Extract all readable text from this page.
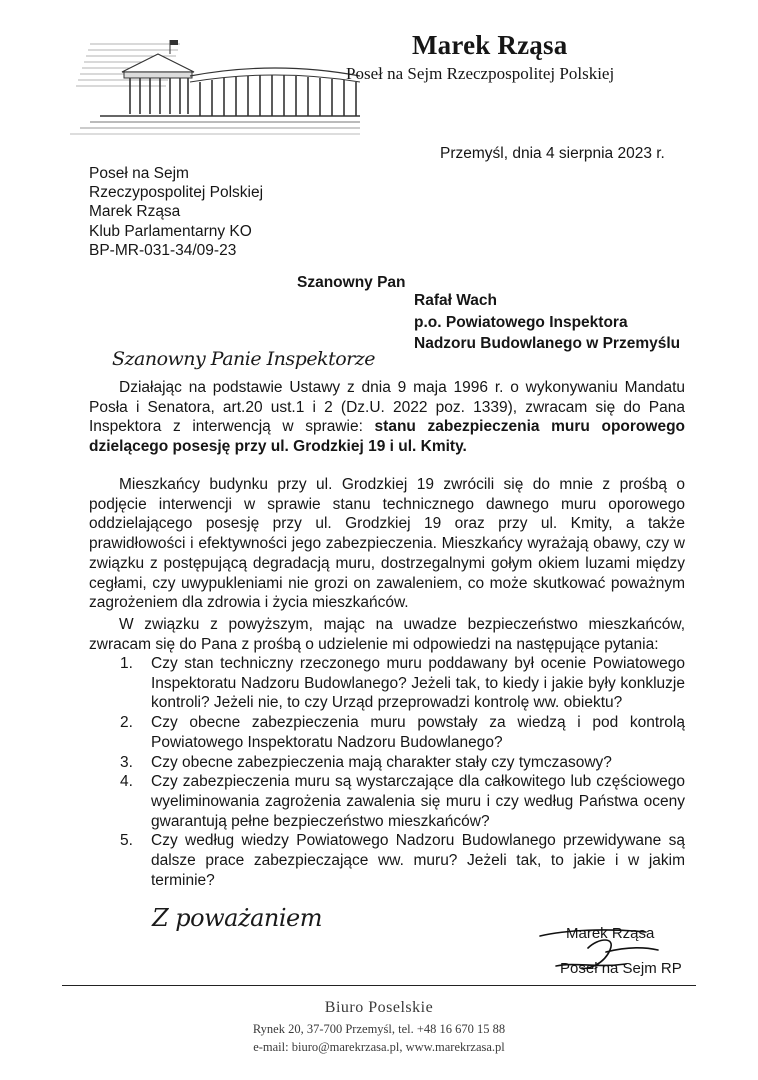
Marek Rząsa
Poseł na Sejm Rzeczpospolitej Polskiej
Przemyśl, dnia 4 sierpnia 2023 r.
Poseł na Sejm
Rzeczypospolitej Polskiej
Marek Rząsa
Klub Parlamentarny KO
BP-MR-031-34/09-23
Szanowny Pan
Rafał Wach
p.o. Powiatowego Inspektora
Nadzoru Budowlanego w Przemyślu
Szanowny Panie Inspektorze
Działając na podstawie Ustawy z dnia 9 maja 1996 r. o wykonywaniu Mandatu Posła i Senatora, art.20 ust.1 i 2 (Dz.U. 2022 poz. 1339), zwracam się do Pana Inspektora z interwencją w sprawie: stanu zabezpieczenia muru oporowego dzielącego posesję przy ul. Grodzkiej 19 i ul. Kmity.
Mieszkańcy budynku przy ul. Grodzkiej 19 zwrócili się do mnie z prośbą o podjęcie interwencji w sprawie stanu technicznego dawnego muru oporowego oddzielającego posesję przy ul. Grodzkiej 19 oraz przy ul. Kmity, a także prawidłowości i efektywności jego zabezpieczenia. Mieszkańcy wyrażają obawy, czy w związku z postępującą degradacją muru, dostrzegalnymi gołym okiem luzami między cegłami, czy uwypukleniami nie grozi on zawaleniem, co może skutkować poważnym zagrożeniem dla zdrowia i życia mieszkańców.
W związku z powyższym, mając na uwadze bezpieczeństwo mieszkańców, zwracam się do Pana z prośbą o udzielenie mi odpowiedzi na następujące pytania:
1. Czy stan techniczny rzeczonego muru poddawany był ocenie Powiatowego Inspektoratu Nadzoru Budowlanego? Jeżeli tak, to kiedy i jakie były konkluzje kontroli? Jeżeli nie, to czy Urząd przeprowadzi kontrolę ww. obiektu?
2. Czy obecne zabezpieczenia muru powstały za wiedzą i pod kontrolą Powiatowego Inspektoratu Nadzoru Budowlanego?
3. Czy obecne zabezpieczenia mają charakter stały czy tymczasowy?
4. Czy zabezpieczenia muru są wystarczające dla całkowitego lub częściowego wyeliminowania zagrożenia zawalenia się muru i czy według Państwa oceny gwarantują pełne bezpieczeństwo mieszkańców?
5. Czy według wiedzy Powiatowego Nadzoru Budowlanego przewidywane są dalsze prace zabezpieczające ww. muru? Jeżeli tak, to jakie i w jakim terminie?
Z poważaniem
Marek Rząsa
Poseł na Sejm RP
Biuro Poselskie
Rynek 20, 37-700 Przemyśl, tel. +48 16 670 15 88
e-mail: biuro@marekrzasa.pl, www.marekrzasa.pl
